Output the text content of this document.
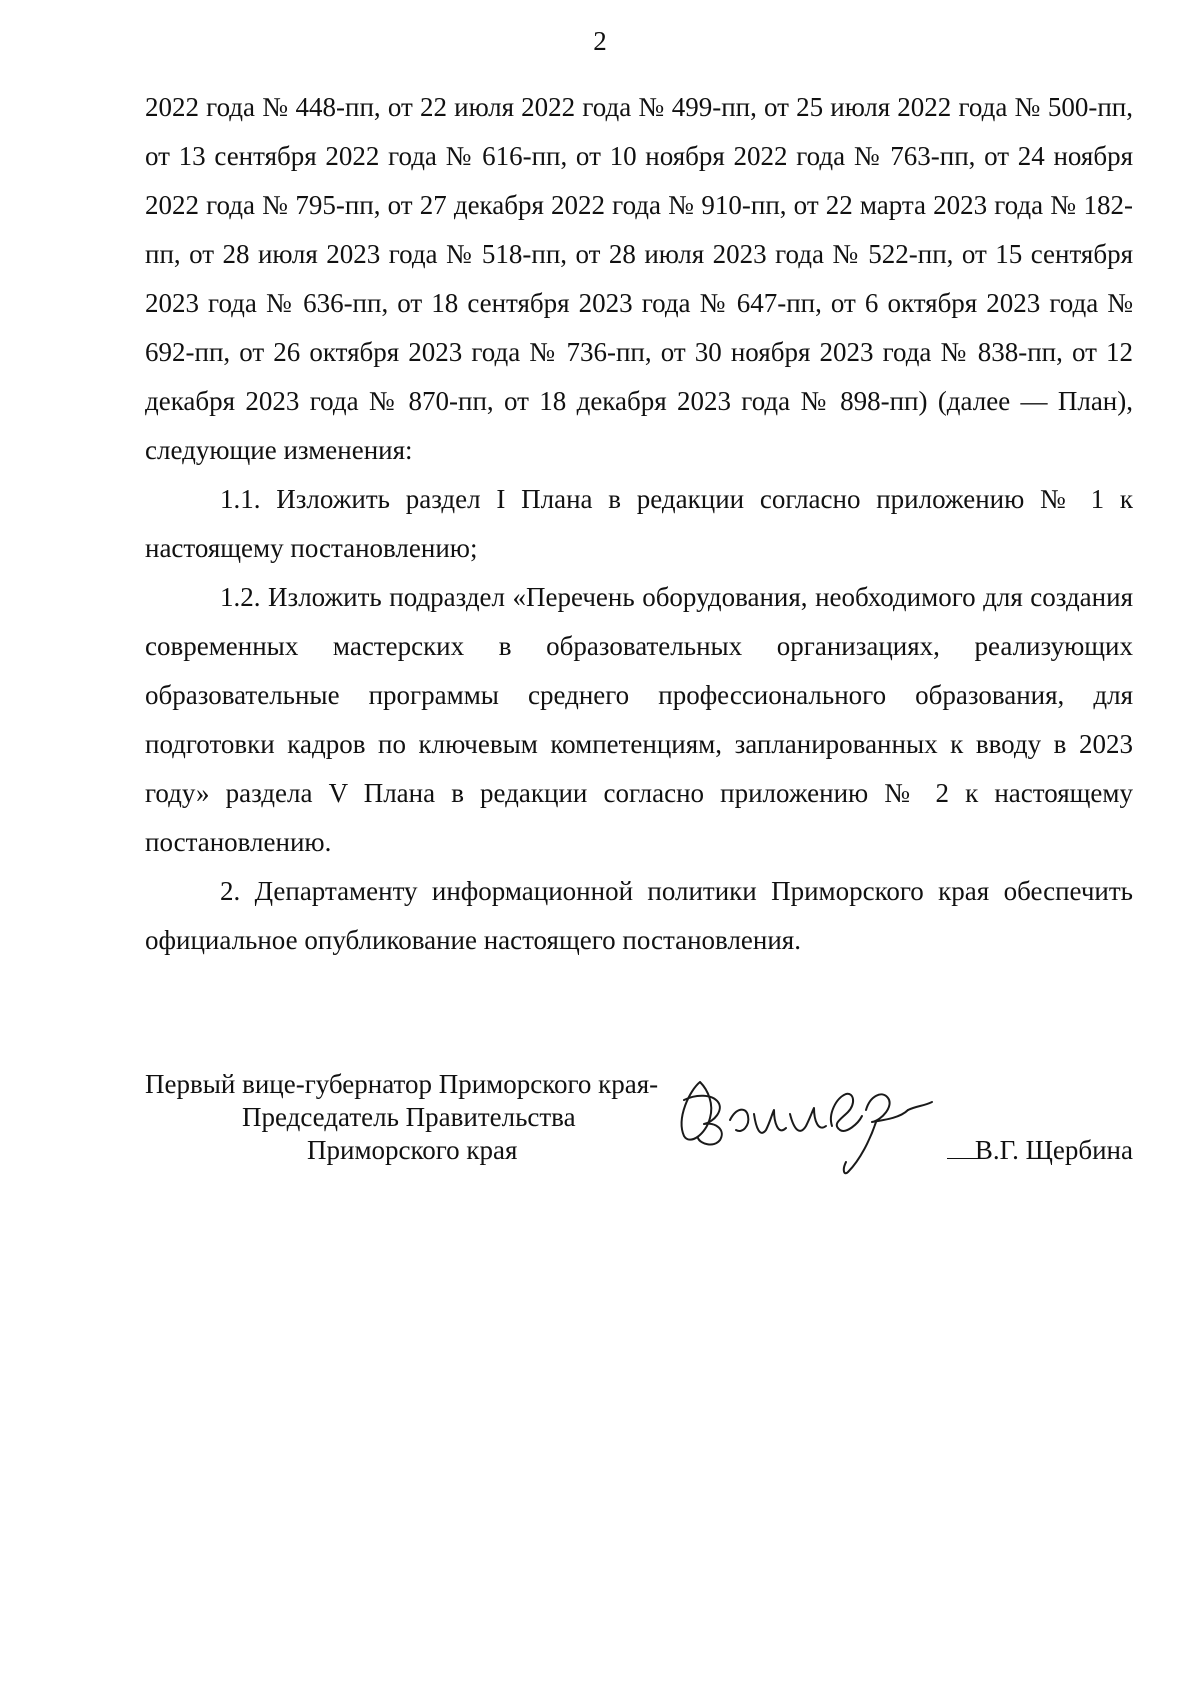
2

2022 года № 448-пп, от 22 июля 2022 года № 499-пп, от 25 июля 2022 года № 500-пп, от 13 сентября 2022 года № 616-пп, от 10 ноября 2022 года № 763-пп, от 24 ноября 2022 года № 795-пп, от 27 декабря 2022 года № 910-пп, от 22 марта 2023 года № 182-пп, от 28 июля 2023 года № 518-пп, от 28 июля 2023 года № 522-пп, от 15 сентября 2023 года № 636-пп, от 18 сентября 2023 года № 647-пп, от 6 октября 2023 года № 692-пп, от 26 октября 2023 года № 736-пп, от 30 ноября 2023 года № 838-пп, от 12 декабря 2023 года № 870-пп, от 18 декабря 2023 года № 898-пп) (далее — План), следующие изменения:

1.1. Изложить раздел I Плана в редакции согласно приложению № 1 к настоящему постановлению;

1.2. Изложить подраздел «Перечень оборудования, необходимого для создания современных мастерских в образовательных организациях, реализующих образовательные программы среднего профессионального образования, для подготовки кадров по ключевым компетенциям, запланированных к вводу в 2023 году» раздела V Плана в редакции согласно приложению № 2 к настоящему постановлению.

2. Департаменту информационной политики Приморского края обеспечить официальное опубликование настоящего постановления.

Первый вице-губернатор Приморского края-
Председатель Правительства
Приморского края	В.Г. Щербина
